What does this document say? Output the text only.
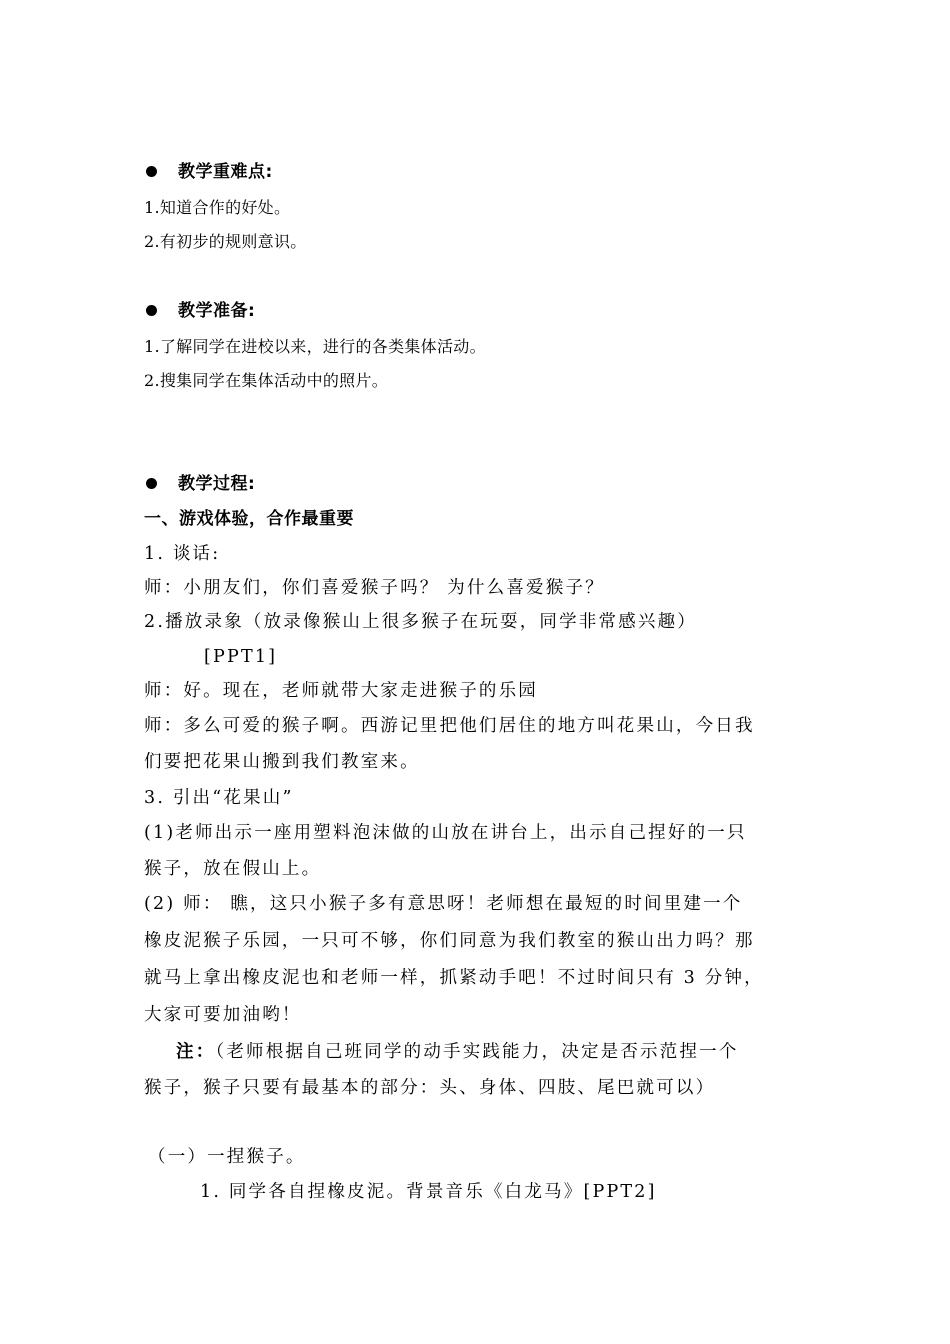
教学重难点:
1.知道合作的好处。
2.有初步的规则意识。
教学准备:
1.了解同学在进校以来，进行的各类集体活动。
2.搜集同学在集体活动中的照片。
教学过程:
一、游戏体验，合作最重要
1. 谈话:
师：小朋友们，你们喜爱猴子吗？ 为什么喜爱猴子？
2.播放录象（放录像猴山上很多猴子在玩耍，同学非常感兴趣）
[PPT1]
师：好。现在，老师就带大家走进猴子的乐园
师：多么可爱的猴子啊。西游记里把他们居住的地方叫花果山，今日我
们要把花果山搬到我们教室来。
3. 引出“花果山”
(1)老师出示一座用塑料泡沫做的山放在讲台上，出示自己捏好的一只
猴子，放在假山上。
(2) 师： 瞧，这只小猴子多有意思呀！老师想在最短的时间里建一个
橡皮泥猴子乐园，一只可不够，你们同意为我们教室的猴山出力吗？那
就马上拿出橡皮泥也和老师一样，抓紧动手吧！不过时间只有 3 分钟，
大家可要加油哟！
注：（老师根据自己班同学的动手实践能力，决定是否示范捏一个
猴子，猴子只要有最基本的部分：头、身体、四肢、尾巴就可以）
（一）一捏猴子。
1. 同学各自捏橡皮泥。背景音乐《白龙马》[PPT2]
